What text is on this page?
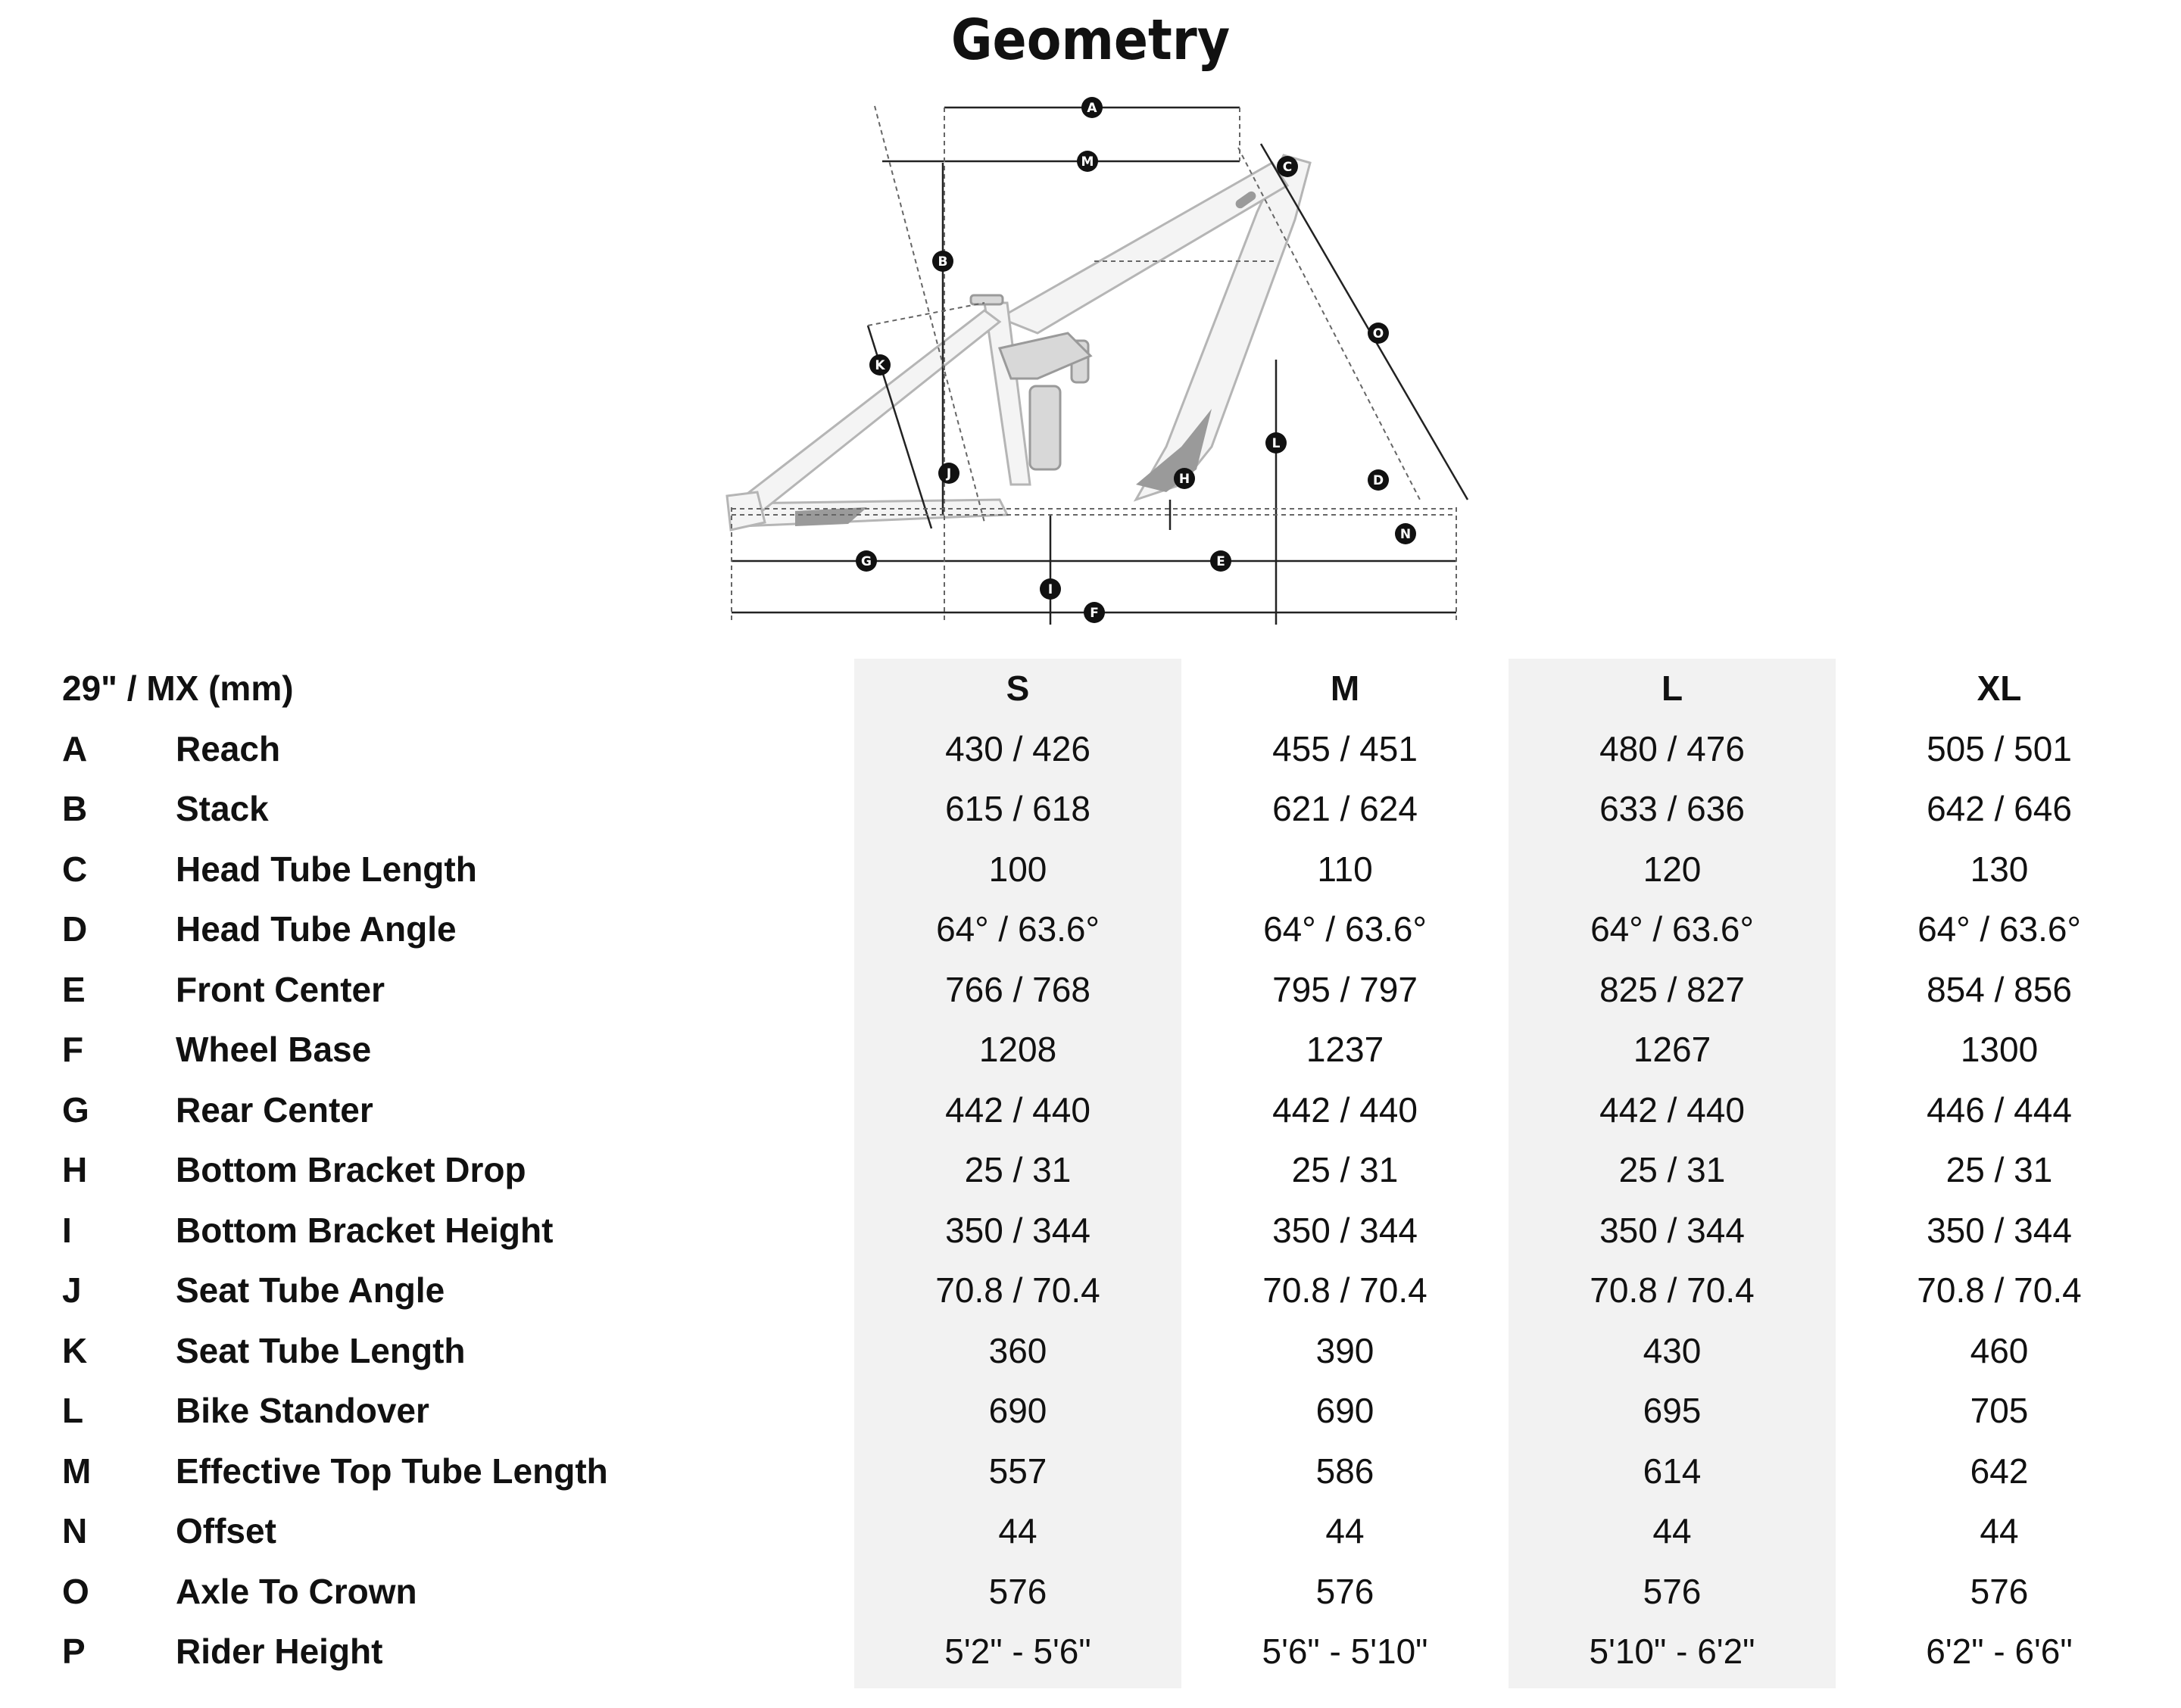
Geometry
A
B
C
D
E
F
G
H
I
J
K
L
M
N
O
29" / MX (mm)	S	M	L	XL
A	Reach	430 / 426	455 / 451	480 / 476	505 / 501
B	Stack	615 / 618	621 / 624	633 / 636	642 / 646
C	Head Tube Length	100	110	120	130
D	Head Tube Angle	64° / 63.6°	64° / 63.6°	64° / 63.6°	64° / 63.6°
E	Front Center	766 / 768	795 / 797	825 / 827	854 / 856
F	Wheel Base	1208	1237	1267	1300
G Rear Center	442 / 440	442 / 440	442 / 440	446 / 444
H	Bottom Bracket Drop	25 / 31	25 / 31	25 / 31	25 / 31
I	Bottom Bracket Height	350 / 344	350 / 344	350 / 344	350 / 344
J	Seat Tube Angle	70.8 / 70.4	70.8 / 70.4	70.8 / 70.4	70.8 / 70.4
K	Seat Tube Length	360	390	430	460
L	Bike Standover	690	690	695	705
M Effective Top Tube Length	557	586	614	642
N	Offset	44	44	44	44
O Axle To Crown	576	576	576	576
P	Rider Height	5'2" - 5'6"	5'6" - 5'10"	5'10" - 6'2"	6'2" - 6'6"
